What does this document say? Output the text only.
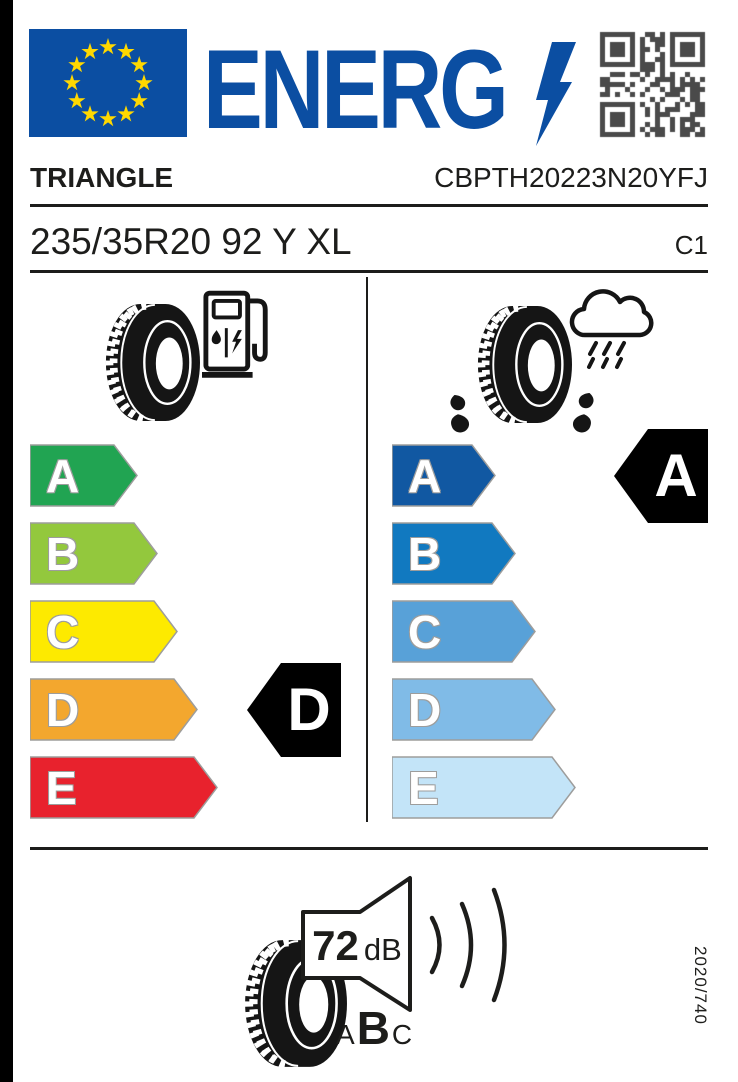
ENERG
TRIANGLE	CBPTH20223N20YFJ
235/35R20 92 Y XL	C1
A
B
C
D
E
D
A
B
C
D
E
A
72 dB
A B C
2020/740
